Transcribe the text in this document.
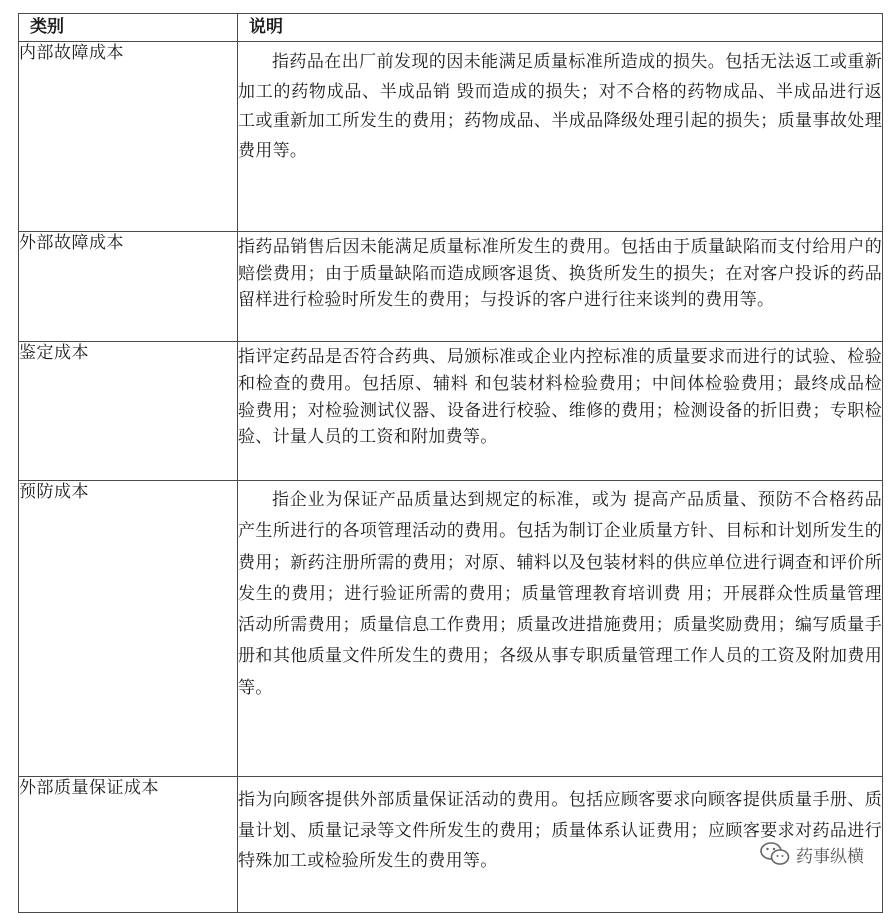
类别	说明
内部故障成本	指药品在出厂前发现的因未能满足质量标准所造成的损失。包括无法返工或重新加工的药物成品、半成品销 毁而造成的损失；对不合格的药物成品、半成品进行返工或重新加工所发生的费用；药物成品、半成品降级处理引起的损失；质量事故处理费用等。

外部故障成本	指药品销售后因未能满足质量标准所发生的费用。包括由于质量缺陷而支付给用户的赔偿费用；由于质量缺陷而造成顾客退货、换货所发生的损失；在对客户投诉的药品留样进行检验时所发生的费用；与投诉的客户进行往来谈判的费用等。

鉴定成本	指评定药品是否符合药典、局颁标准或企业内控标准的质量要求而进行的试验、检验和检查的费用。包括原、辅料 和包装材料检验费用；中间体检验费用；最终成品检验费用；对检验测试仪器、设备进行校验、维修的费用；检测设备的折旧费；专职检验、计量人员的工资和附加费等。

预防成本	指企业为保证产品质量达到规定的标准，或为 提高产品质量、预防不合格药品产生所进行的各项管理活动的费用。包括为制订企业质量方针、目标和计划所发生的费用；新药注册所需的费用；对原、辅料以及包装材料的供应单位进行调查和评价所发生的费用；进行验证所需的费用；质量管理教育培训费 用；开展群众性质量管理活动所需费用；质量信息工作费用；质量改进措施费用；质量奖励费用；编写质量手册和其他质量文件所发生的费用；各级从事专职质量管理工作人员的工资及附加费用等。

外部质量保证成本	指为向顾客提供外部质量保证活动的费用。包括应顾客要求向顾客提供质量手册、质量计划、质量记录等文件所发生的费用；质量体系认证费用；应顾客要求对药品进行 特殊加工或检验所发生的费用等。	药事纵横
